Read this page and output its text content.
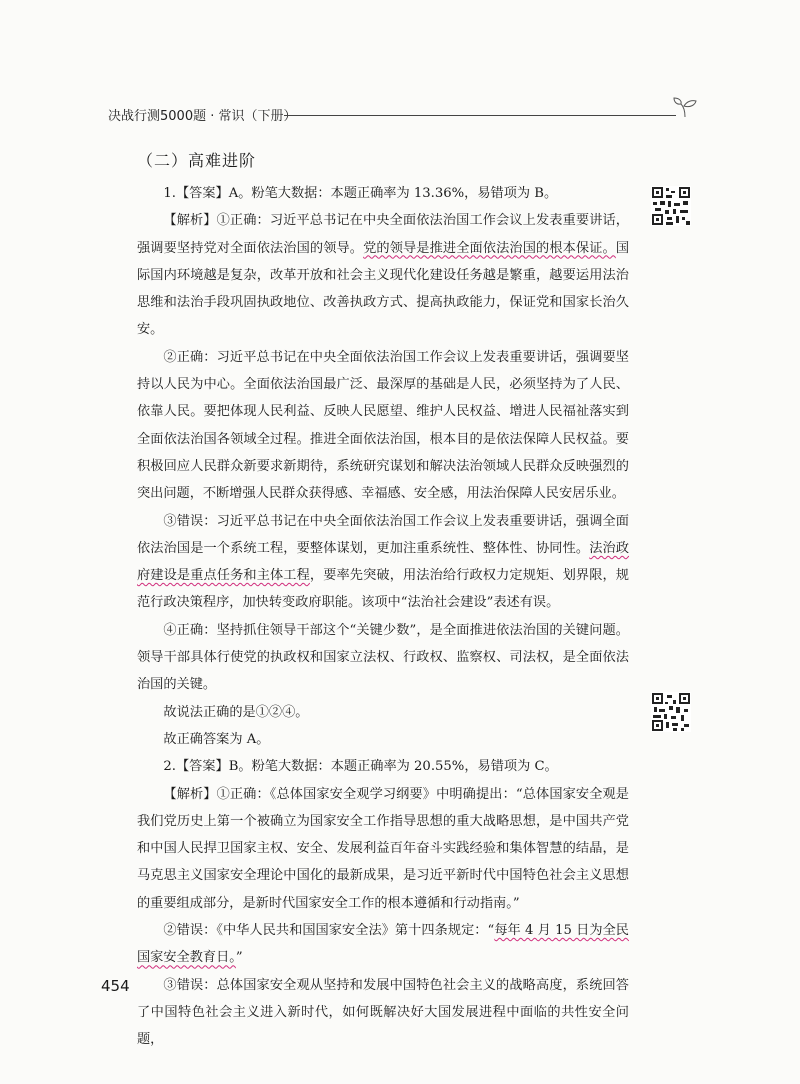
决战行测5000题 · 常识（下册）
（二）高难进阶

1.【答案】A。粉笔大数据：本题正确率为 13.36%，易错项为 B。

【解析】①正确：习近平总书记在中央全面依法治国工作会议上发表重要讲话，强调要坚持党对全面依法治国的领导。党的领导是推进全面依法治国的根本保证。国际国内环境越是复杂，改革开放和社会主义现代化建设任务越是繁重，越要运用法治思维和法治手段巩固执政地位、改善执政方式、提高执政能力，保证党和国家长治久安。

②正确：习近平总书记在中央全面依法治国工作会议上发表重要讲话，强调要坚持以人民为中心。全面依法治国最广泛、最深厚的基础是人民，必须坚持为了人民、依靠人民。要把体现人民利益、反映人民愿望、维护人民权益、增进人民福祉落实到全面依法治国各领域全过程。推进全面依法治国，根本目的是依法保障人民权益。要积极回应人民群众新要求新期待，系统研究谋划和解决法治领域人民群众反映强烈的突出问题，不断增强人民群众获得感、幸福感、安全感，用法治保障人民安居乐业。

③错误：习近平总书记在中央全面依法治国工作会议上发表重要讲话，强调全面依法治国是一个系统工程，要整体谋划，更加注重系统性、整体性、协同性。法治政府建设是重点任务和主体工程，要率先突破，用法治给行政权力定规矩、划界限，规范行政决策程序，加快转变政府职能。该项中“法治社会建设”表述有误。

④正确：坚持抓住领导干部这个“关键少数”，是全面推进依法治国的关键问题。领导干部具体行使党的执政权和国家立法权、行政权、监察权、司法权，是全面依法治国的关键。

故说法正确的是①②④。

故正确答案为 A。

2.【答案】B。粉笔大数据：本题正确率为 20.55%，易错项为 C。

【解析】①正确：《总体国家安全观学习纲要》中明确提出：“总体国家安全观是我们党历史上第一个被确立为国家安全工作指导思想的重大战略思想，是中国共产党和中国人民捍卫国家主权、安全、发展利益百年奋斗实践经验和集体智慧的结晶，是马克思主义国家安全理论中国化的最新成果，是习近平新时代中国特色社会主义思想的重要组成部分，是新时代国家安全工作的根本遵循和行动指南。”

②错误：《中华人民共和国国家安全法》第十四条规定：“每年 4 月 15 日为全民国家安全教育日。”

③错误：总体国家安全观从坚持和发展中国特色社会主义的战略高度，系统回答了中国特色社会主义进入新时代，如何既解决好大国发展进程中面临的共性安全问题，

454
